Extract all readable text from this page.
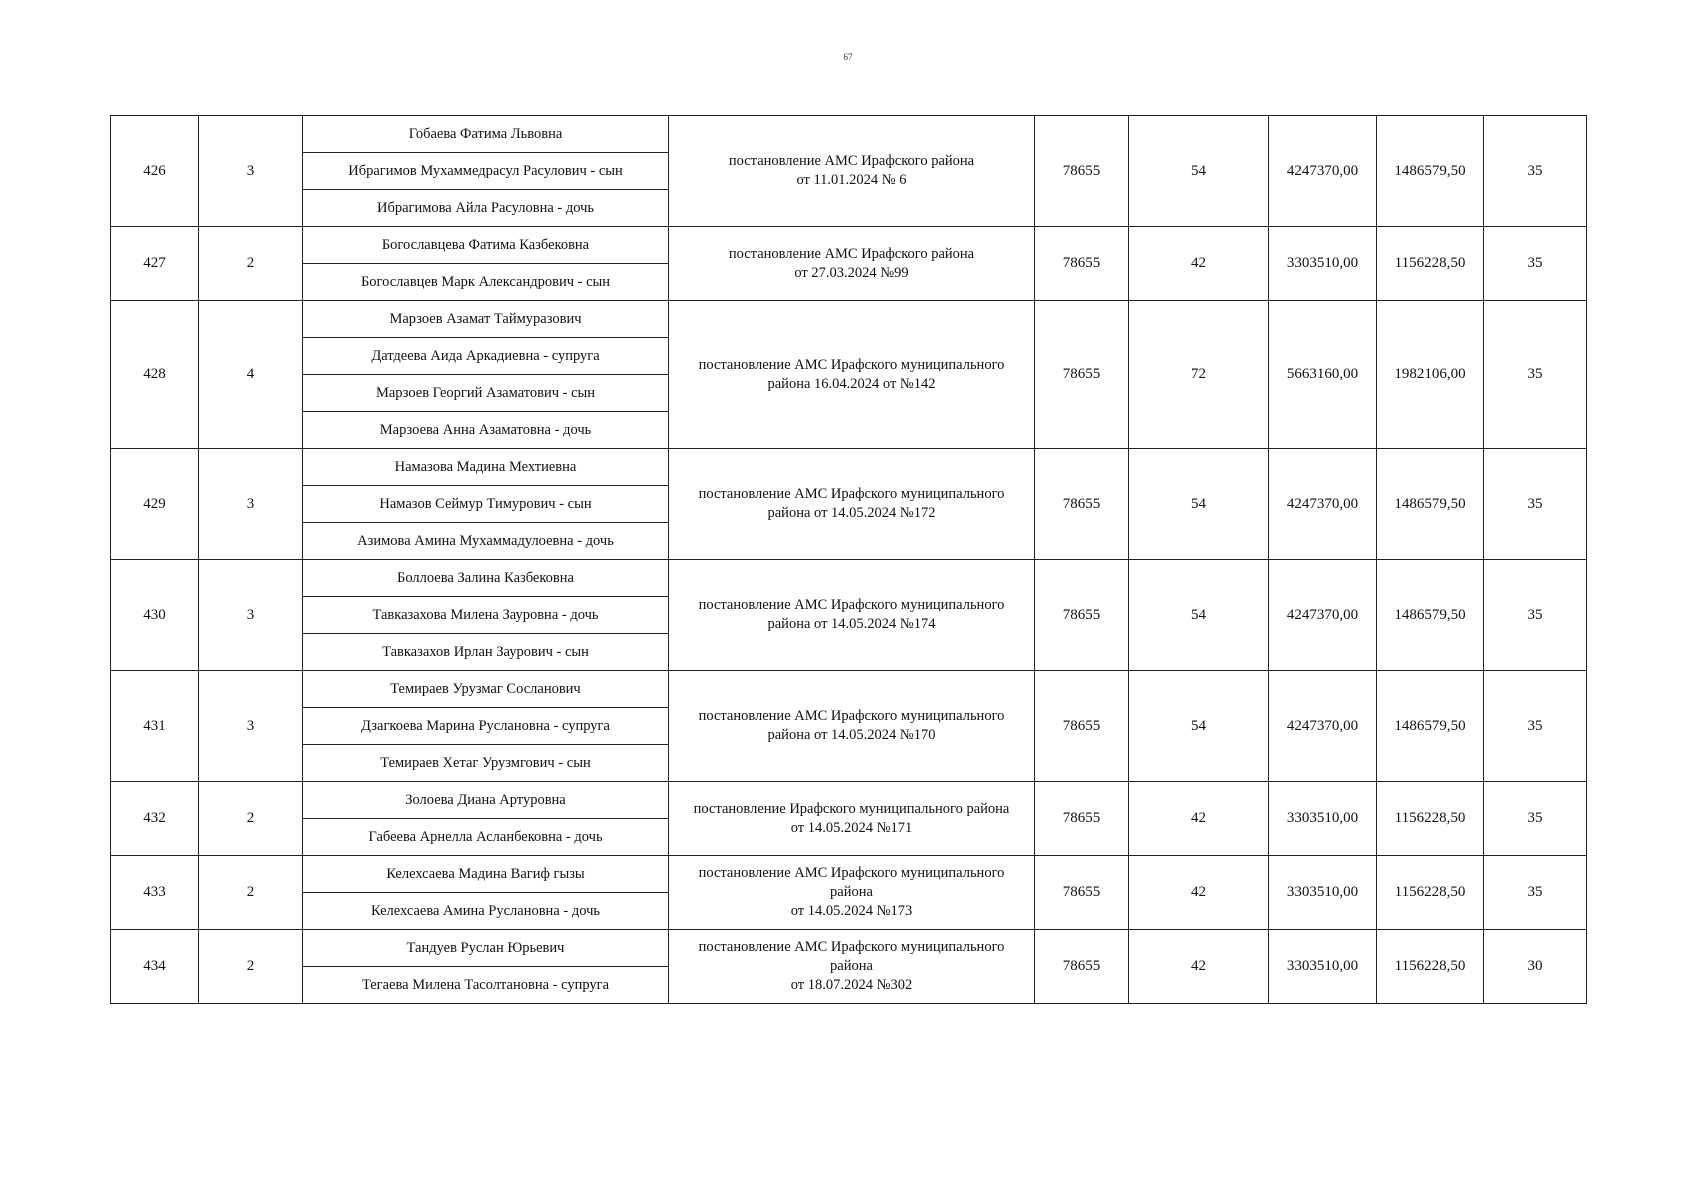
67
426	3	Гобаева Фатима Львовна	постановление АМС Ирафского района
от 11.01.2024 № 6	78655	54	4247370,00	1486579,50	35
		Ибрагимов Мухаммедрасул Расулович - сын						
		Ибрагимова Айла Расуловна - дочь						
427	2	Богославцева Фатима Казбековна	постановление АМС Ирафского района
от 27.03.2024 №99	78655	42	3303510,00	1156228,50	35
		Богославцев Марк Александрович - сын						
428	4	Марзоев Азамат Таймуразович	постановление АМС Ирафского муниципального
района 16.04.2024 от №142	78655	72	5663160,00	1982106,00	35
		Датдеева Аида Аркадиевна - супруга						
		Марзоев Георгий Азаматович - сын						
		Марзоева Анна Азаматовна - дочь						
429	3	Намазова Мадина Мехтиевна	постановление АМС Ирафского муниципального
района от 14.05.2024 №172	78655	54	4247370,00	1486579,50	35
		Намазов Сеймур Тимурович - сын						
		Азимова Амина Мухаммадулоевна - дочь						
430	3	Боллоева Залина Казбековна	постановление АМС Ирафского муниципального
района от 14.05.2024 №174	78655	54	4247370,00	1486579,50	35
		Тавказахова Милена Зауровна - дочь						
		Тавказахов Ирлан Заурович - сын						
431	3	Темираев Урузмаг Сосланович	постановление АМС Ирафского муниципального
района от 14.05.2024 №170	78655	54	4247370,00	1486579,50	35
		Дзагкоева Марина Руслановна - супруга						
		Темираев Хетаг Урузмгович - сын						
432	2	Золоева Диана Артуровна	постановление Ирафского муниципального района
от 14.05.2024 №171	78655	42	3303510,00	1156228,50	35
		Габеева Арнелла Асланбековна - дочь						
433	2	Келехсаева Мадина Вагиф гызы	постановление АМС Ирафского муниципального
района
от 14.05.2024 №173	78655	42	3303510,00	1156228,50	35
		Келехсаева Амина Руслановна - дочь						
434	2	Тандуев Руслан Юрьевич	постановление АМС Ирафского муниципального
района
от 18.07.2024 №302	78655	42	3303510,00	1156228,50	30
		Тегаева Милена Тасолтановна - супруга						
